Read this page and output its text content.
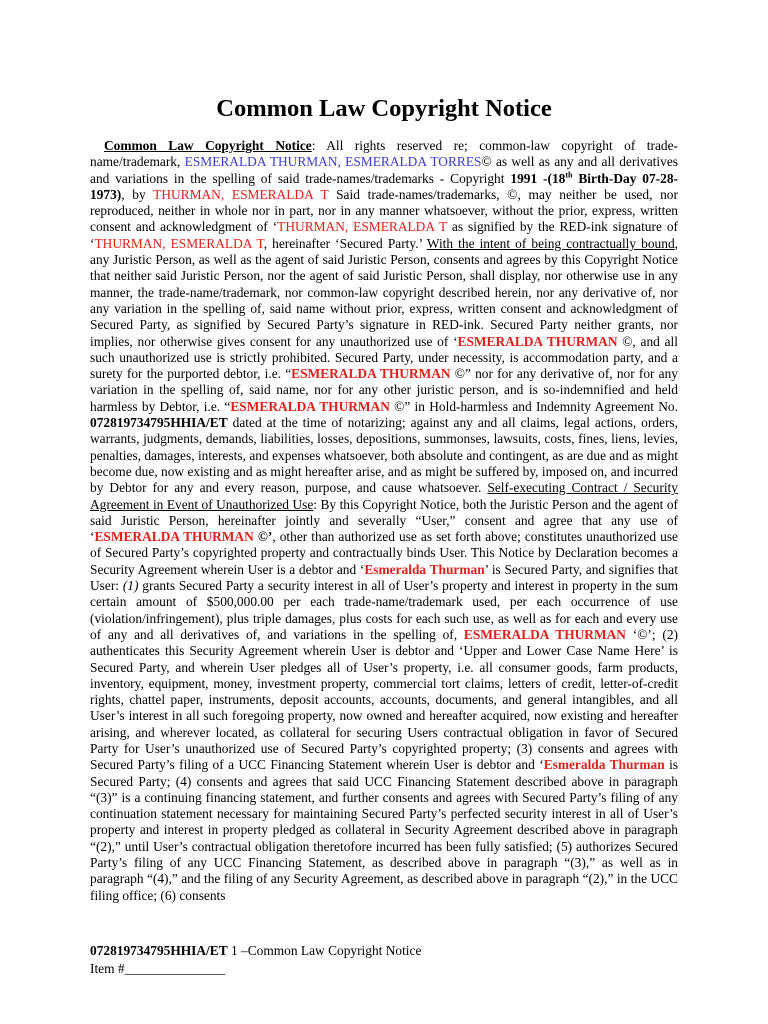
Common Law Copyright Notice

Common Law Copyright Notice: All rights reserved re; common-law copyright of trade-name/trademark, ESMERALDA THURMAN, ESMERALDA TORRES© as well as any and all derivatives and variations in the spelling of said trade-names/trademarks - Copyright 1991 -(18th Birth-Day 07-28-1973), by THURMAN, ESMERALDA T Said trade-names/trademarks, ©, may neither be used, nor reproduced, neither in whole nor in part, nor in any manner whatsoever, without the prior, express, written consent and acknowledgment of ‘THURMAN, ESMERALDA T as signified by the RED-ink signature of ‘THURMAN, ESMERALDA T, hereinafter ‘Secured Party.’ With the intent of being contractually bound, any Juristic Person, as well as the agent of said Juristic Person, consents and agrees by this Copyright Notice that neither said Juristic Person, nor the agent of said Juristic Person, shall display, nor otherwise use in any manner, the trade-name/trademark, nor common-law copyright described herein, nor any derivative of, nor any variation in the spelling of, said name without prior, express, written consent and acknowledgment of Secured Party, as signified by Secured Party’s signature in RED-ink. Secured Party neither grants, nor implies, nor otherwise gives consent for any unauthorized use of ‘ESMERALDA THURMAN ©, and all such unauthorized use is strictly prohibited. Secured Party, under necessity, is accommodation party, and a surety for the purported debtor, i.e. “ESMERALDA THURMAN ©” nor for any derivative of, nor for any variation in the spelling of, said name, nor for any other juristic person, and is so-indemnified and held harmless by Debtor, i.e. “ESMERALDA THURMAN ©” in Hold-harmless and Indemnity Agreement No. 072819734795HHIA/ET dated at the time of notarizing; against any and all claims, legal actions, orders, warrants, judgments, demands, liabilities, losses, depositions, summonses, lawsuits, costs, fines, liens, levies, penalties, damages, interests, and expenses whatsoever, both absolute and contingent, as are due and as might become due, now existing and as might hereafter arise, and as might be suffered by, imposed on, and incurred by Debtor for any and every reason, purpose, and cause whatsoever. Self-executing Contract / Security Agreement in Event of Unauthorized Use: By this Copyright Notice, both the Juristic Person and the agent of said Juristic Person, hereinafter jointly and severally “User,” consent and agree that any use of ‘ESMERALDA THURMAN ©’, other than authorized use as set forth above; constitutes unauthorized use of Secured Party’s copyrighted property and contractually binds User. This Notice by Declaration becomes a Security Agreement wherein User is a debtor and ‘Esmeralda Thurman’ is Secured Party, and signifies that User: (1) grants Secured Party a security interest in all of User’s property and interest in property in the sum certain amount of $500,000.00 per each trade-name/trademark used, per each occurrence of use (violation/infringement), plus triple damages, plus costs for each such use, as well as for each and every use of any and all derivatives of, and variations in the spelling of, ESMERALDA THURMAN ‘©’; (2) authenticates this Security Agreement wherein User is debtor and ‘Upper and Lower Case Name Here’ is Secured Party, and wherein User pledges all of User’s property, i.e. all consumer goods, farm products, inventory, equipment, money, investment property, commercial tort claims, letters of credit, letter-of-credit rights, chattel paper, instruments, deposit accounts, accounts, documents, and general intangibles, and all User’s interest in all such foregoing property, now owned and hereafter acquired, now existing and hereafter arising, and wherever located, as collateral for securing Users contractual obligation in favor of Secured Party for User’s unauthorized use of Secured Party’s copyrighted property; (3) consents and agrees with Secured Party’s filing of a UCC Financing Statement wherein User is debtor and ‘Esmeralda Thurman is Secured Party; (4) consents and agrees that said UCC Financing Statement described above in paragraph “(3)” is a continuing financing statement, and further consents and agrees with Secured Party’s filing of any continuation statement necessary for maintaining Secured Party’s perfected security interest in all of User’s property and interest in property pledged as collateral in Security Agreement described above in paragraph “(2),” until User’s contractual obligation theretofore incurred has been fully satisfied; (5) authorizes Secured Party’s filing of any UCC Financing Statement, as described above in paragraph “(3),” as well as in paragraph “(4),” and the filing of any Security Agreement, as described above in paragraph “(2),” in the UCC filing office; (6) consents

072819734795HHIA/ET 1 –Common Law Copyright Notice
Item #_______________
